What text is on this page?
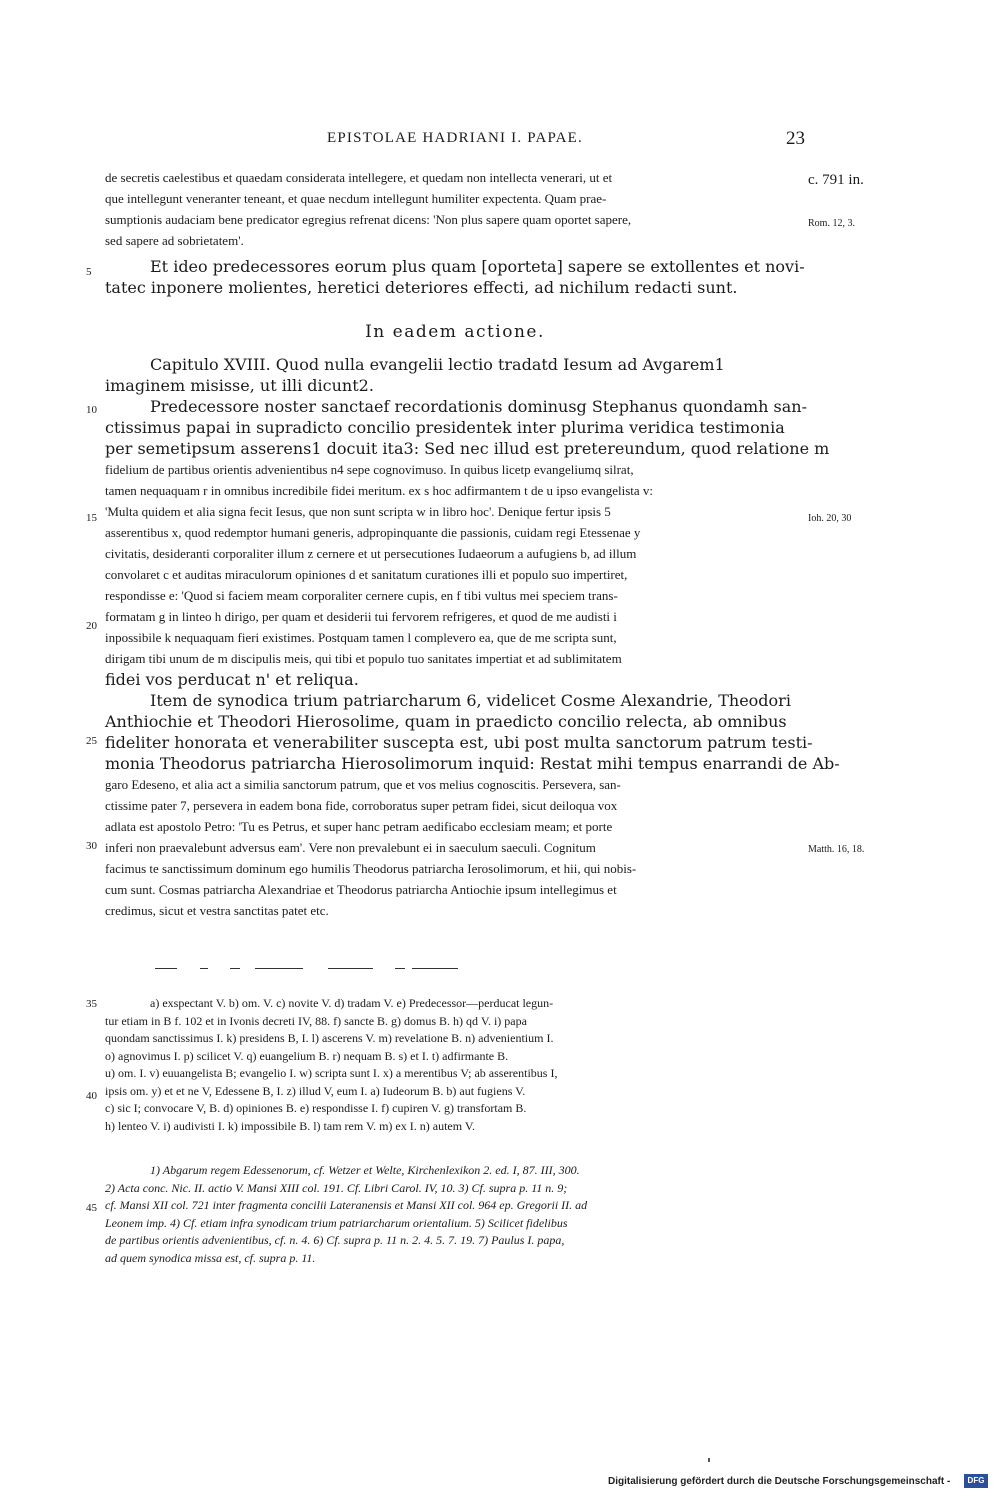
EPISTOLAE HADRIANI I. PAPAE.	23
de secretis caelestibus et quaedam considerata intellegere, et quedam non intellecta venerari, ut et
que intellegunt veneranter teneant, et quae necdum intellegunt humiliter expectenta. Quam prae-
sumptionis audaciam bene predicator egregius refrenat dicens: 'Non plus sapere quam oportet sapere,
sed sapere ad sobrietatem'.
Et ideo predecessores eorum plus quam [oporteta] sapere se extollentes et novi-
tatec inponere molientes, heretici deteriores effecti, ad nichilum redacti sunt.
In eadem actione.
Capitulo XVIII. Quod nulla evangelii lectio tradatd Iesum ad Avgarem1
imaginem misisse, ut illi dicunt2.
Predecessore noster sanctaef recordationis dominusg Stephanus quondamh san-
ctissimus papai in supradicto concilio presidentek inter plurima veridica testimonia
per semetipsum asserens1 docuit ita3: Sed nec illud est pretereundum, quod relatione m
fidelium de partibus orientis advenientibus n4 sepe cognovimuso. In quibus licetp evangeliumq silrat,
tamen nequaquam r in omnibus incredibile fidei meritum. ex s hoc adfirmantem t de u ipso evangelista v:
'Multa quidem et alia signa fecit Iesus, que non sunt scripta w in libro hoc'. Denique fertur ipsis 5
asserentibus x, quod redemptor humani generis, adpropinquante die passionis, cuidam regi Etessenae y
civitatis, desideranti corporaliter illum z cernere et ut persecutiones Iudaeorum a aufugiens b, ad illum
convolaret c et auditas miraculorum opiniones d et sanitatum curationes illi et populo suo impertiret,
respondisse e: 'Quod si faciem meam corporaliter cernere cupis, en f tibi vultus mei speciem trans-
formatam g in linteo h dirigo, per quam et desiderii tui fervorem refrigeres, et quod de me audisti i
inpossibile k nequaquam fieri existimes. Postquam tamen l complevero ea, que de me scripta sunt,
dirigam tibi unum de m discipulis meis, qui tibi et populo tuo sanitates impertiat et ad sublimitatem
fidei vos perducat n' et reliqua.
Item de synodica trium patriarcharum 6, videlicet Cosme Alexandrie, Theodori
Anthiochie et Theodori Hierosolime, quam in praedicto concilio relecta, ab omnibus
fideliter honorata et venerabiliter suscepta est, ubi post multa sanctorum patrum testi-
monia Theodorus patriarcha Hierosolimorum inquid: Restat mihi tempus enarrandi de Ab-
garo Edeseno, et alia act a similia sanctorum patrum, que et vos melius cognoscitis. Persevera, san-
ctissime pater 7, persevera in eadem bona fide, corroboratus super petram fidei, sicut deiloqua vox
adlata est apostolo Petro: 'Tu es Petrus, et super hanc petram aedificabo ecclesiam meam; et porte
inferi non praevalebunt adversus eam'. Vere non prevalebunt ei in saeculum saeculi. Cognitum
facimus te sanctissimum dominum ego humilis Theodorus patriarcha Ierosolimorum, et hii, qui nobis-
cum sunt. Cosmas patriarcha Alexandriae et Theodorus patriarcha Antiochie ipsum intellegimus et
credimus, sicut et vestra sanctitas patet etc.
5
10
15
20
25
30
35
40
45
c. 791 in.
Rom. 12, 3.
Ioh. 20, 30
Matth. 16, 18.
a) exspectant V. b) om. V. c) novite V. d) tradam V. e) Predecessor—perducat legun-
tur etiam in B f. 102 et in Ivonis decreti IV, 88. f) sancte B. g) domus B. h) qd V. i) papa
quondam sanctissimus I. k) presidens B, I. l) ascerens V. m) revelatione B. n) advenientium I.
o) agnovimus I. p) scilicet V. q) euangelium B. r) nequam B. s) et I. t) adfirmante B.
u) om. I. v) euuangelista B; evangelio I. w) scripta sunt I. x) a merentibus V; ab asserentibus I,
ipsis om. y) et et ne V, Edessene B, I. z) illud V, eum I. a) Iudeorum B. b) aut fugiens V.
c) sic I; convocare V, B. d) opiniones B. e) respondisse I. f) cupiren V. g) transfortam B.
h) lenteo V. i) audivisti I. k) impossibile B. l) tam rem V. m) ex I. n) autem V.
1) Abgarum regem Edessenorum, cf. Wetzer et Welte, Kirchenlexikon 2. ed. I, 87. III, 300.
2) Acta conc. Nic. II. actio V. Mansi XIII col. 191. Cf. Libri Carol. IV, 10. 3) Cf. supra p. 11 n. 9;
cf. Mansi XII col. 721 inter fragmenta concilii Lateranensis et Mansi XII col. 964 ep. Gregorii II. ad
Leonem imp. 4) Cf. etiam infra synodicam trium patriarcharum orientalium. 5) Scilicet fidelibus
de partibus orientis advenientibus, cf. n. 4. 6) Cf. supra p. 11 n. 2. 4. 5. 7. 19. 7) Paulus I. papa,
ad quem synodica missa est, cf. supra p. 11.
Digitalisierung gefördert durch die Deutsche Forschungsgemeinschaft -	DFG
